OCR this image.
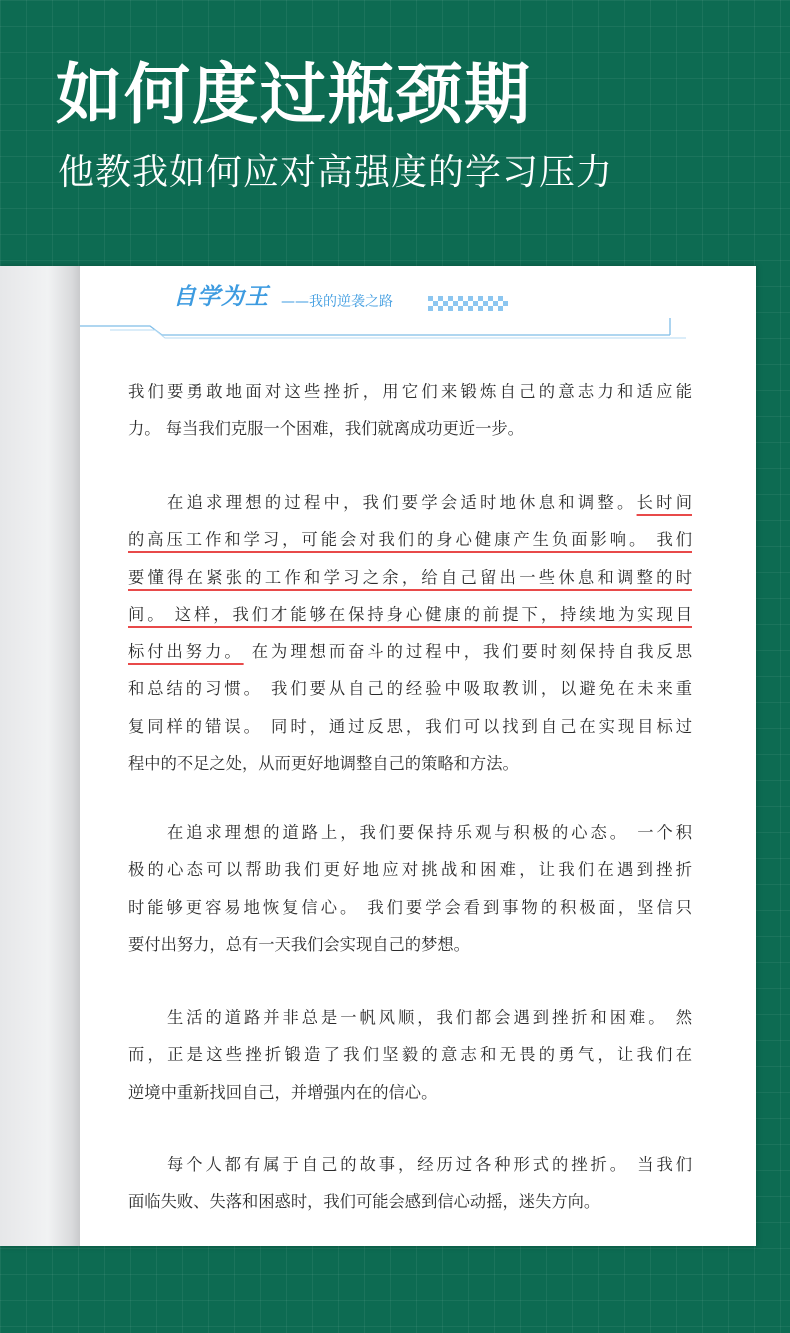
如何度过瓶颈期
他教我如何应对高强度的学习压力
自学为王 ——我的逆袭之路

我们要勇敢地面对这些挫折，用它们来锻炼自己的意志力和适应能
力。 每当我们克服一个困难，我们就离成功更近一步。

在追求理想的过程中，我们要学会适时地休息和调整。长时间
的高压工作和学习，可能会对我们的身心健康产生负面影响。 我们
要懂得在紧张的工作和学习之余，给自己留出一些休息和调整的时
间。 这样，我们才能够在保持身心健康的前提下，持续地为实现目
标付出努力。 在为理想而奋斗的过程中，我们要时刻保持自我反思
和总结的习惯。 我们要从自己的经验中吸取教训，以避免在未来重
复同样的错误。 同时，通过反思，我们可以找到自己在实现目标过
程中的不足之处，从而更好地调整自己的策略和方法。

在追求理想的道路上，我们要保持乐观与积极的心态。 一个积
极的心态可以帮助我们更好地应对挑战和困难，让我们在遇到挫折
时能够更容易地恢复信心。 我们要学会看到事物的积极面，坚信只
要付出努力，总有一天我们会实现自己的梦想。

生活的道路并非总是一帆风顺，我们都会遇到挫折和困难。 然
而，正是这些挫折锻造了我们坚毅的意志和无畏的勇气，让我们在
逆境中重新找回自己，并增强内在的信心。

每个人都有属于自己的故事，经历过各种形式的挫折。 当我们
面临失败、失落和困惑时，我们可能会感到信心动摇，迷失方向。
